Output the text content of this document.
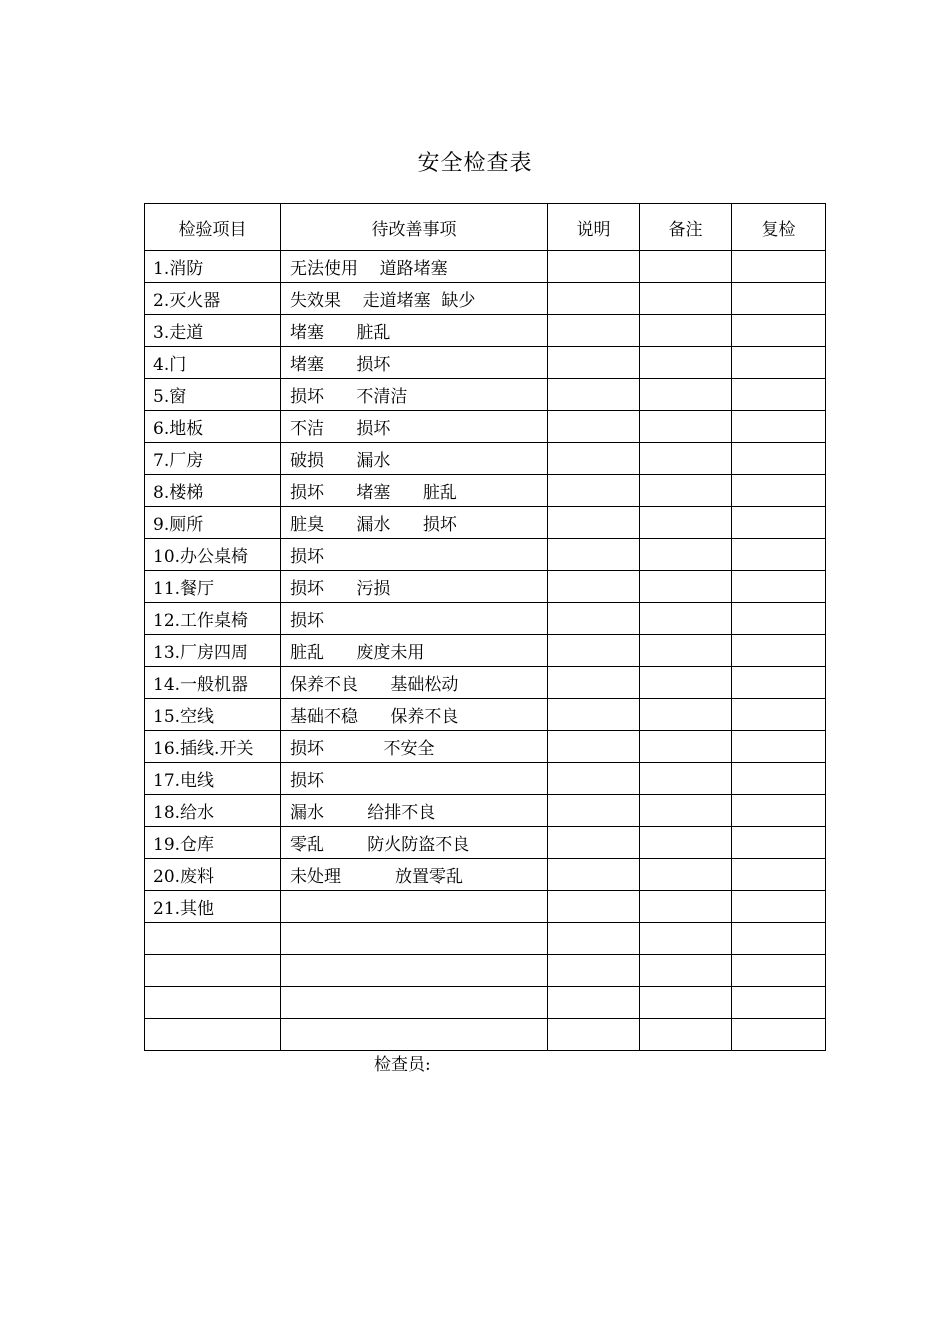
安全检查表
检验项目	待改善事项	说明	备注	复检
1.消防	无法使用    道路堵塞			
2.灭火器	失效果    走道堵塞  缺少			
3.走道	堵塞      脏乱			
4.门	堵塞      损坏			
5.窗	损坏      不清洁			
6.地板	不洁      损坏			
7.厂房	破损      漏水			
8.楼梯	损坏      堵塞      脏乱			
9.厕所	脏臭      漏水      损坏			
10.办公桌椅	损坏			
11.餐厅	损坏      污损			
12.工作桌椅	损坏			
13.厂房四周	脏乱      废度未用			
14.一般机器	保养不良      基础松动			
15.空线	基础不稳      保养不良			
16.插线.开关	损坏           不安全			
17.电线	损坏			
18.给水	漏水        给排不良			
19.仓库	零乱        防火防盗不良			
20.废料	未处理          放置零乱			
21.其他				

检查员:
